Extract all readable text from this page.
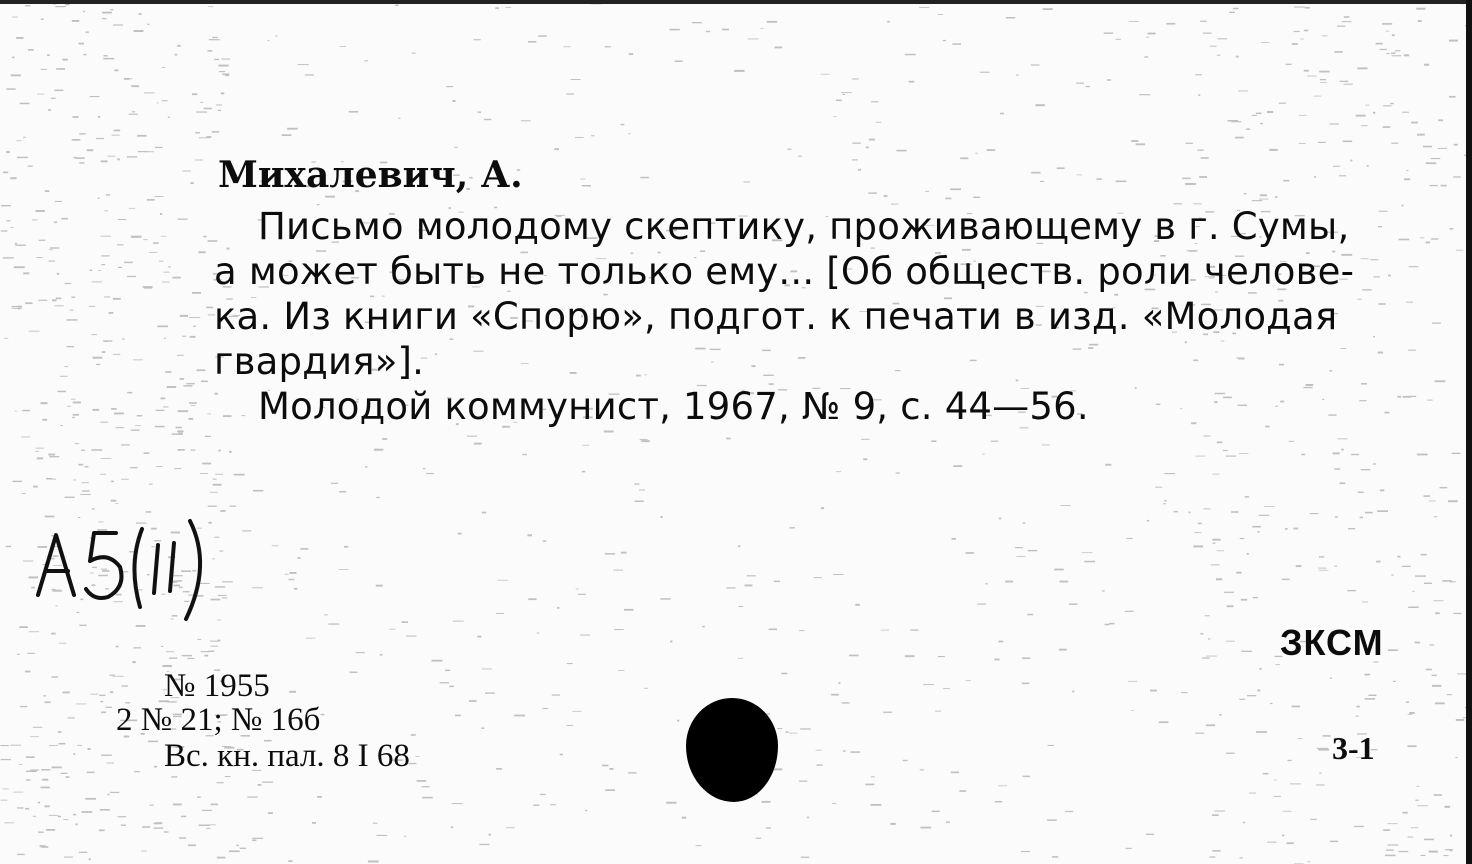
Михалевич, А.
Письмо молодому скептику, проживающему в г. Сумы,
а может быть не только ему... [Об обществ. роли челове-
ка. Из книги «Спорю», подгот. к печати в изд. «Молодая
гвардия»].
Молодой коммунист, 1967, № 9, с. 44—56.
№ 1955
2 № 21; № 16б
Вс. кн. пал. 8 I 68
ЗКСМ
3-1
